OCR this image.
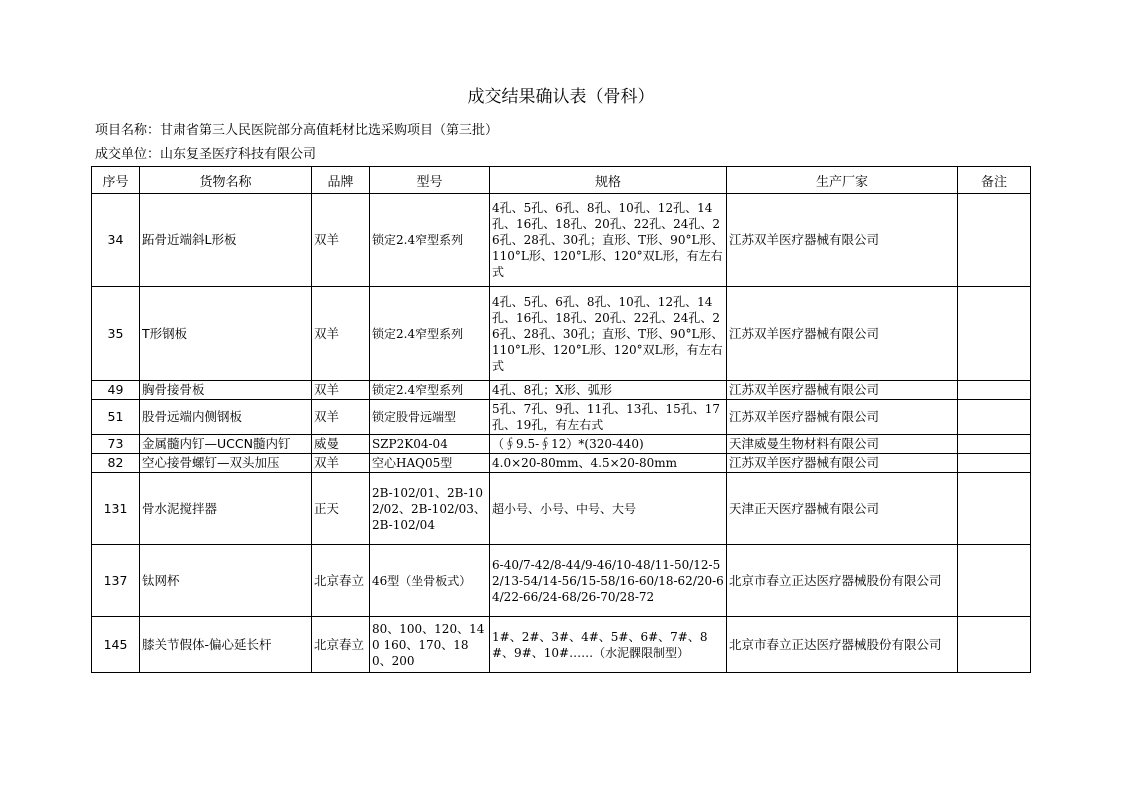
成交结果确认表（骨科）
项目名称：甘肃省第三人民医院部分高值耗材比选采购项目（第三批）
成交单位：山东复圣医疗科技有限公司
序号	货物名称	品牌	型号	规格	生产厂家	备注
34	跖骨近端斜L形板	双羊	锁定2.4窄型系列	4孔、5孔、6孔、8孔、10孔、12孔、14孔、16孔、18孔、20孔、22孔、24孔、26孔、28孔、30孔；直形、T形、90°L形、110°L形、120°L形、120°双L形，有左右式	江苏双羊医疗器械有限公司	
35	T形钢板	双羊	锁定2.4窄型系列	4孔、5孔、6孔、8孔、10孔、12孔、14孔、16孔、18孔、20孔、22孔、24孔、26孔、28孔、30孔；直形、T形、90°L形、110°L形、120°L形、120°双L形，有左右式	江苏双羊医疗器械有限公司	
49	胸骨接骨板	双羊	锁定2.4窄型系列	4孔、8孔；X形、弧形	江苏双羊医疗器械有限公司	
51	股骨远端内侧钢板	双羊	锁定股骨远端型	5孔、7孔、9孔、11孔、13孔、15孔、17孔、19孔，有左右式	江苏双羊医疗器械有限公司	
73	金属髓内钉—UCCN髓内钉	威曼	SZP2K04-04	（∮9.5-∮12）*(320-440)	天津威曼生物材料有限公司	
82	空心接骨螺钉—双头加压	双羊	空心HAQ05型	4.0×20-80mm、4.5×20-80mm	江苏双羊医疗器械有限公司	
131	骨水泥搅拌器	正天	2B-102/01、2B-102/02、2B-102/03、2B-102/04	超小号、小号、中号、大号	天津正天医疗器械有限公司	
137	钛网杯	北京春立	46型（坐骨板式）	6-40/7-42/8-44/9-46/10-48/11-50/12-52/13-54/14-56/15-58/16-60/18-62/20-64/22-66/24-68/26-70/28-72	北京市春立正达医疗器械股份有限公司	
145	膝关节假体-偏心延长杆	北京春立	80、100、120、140 160、170、180、200	1#、2#、3#、4#、5#、6#、7#、8#、9#、10#……（水泥髁限制型）	北京市春立正达医疗器械股份有限公司	
